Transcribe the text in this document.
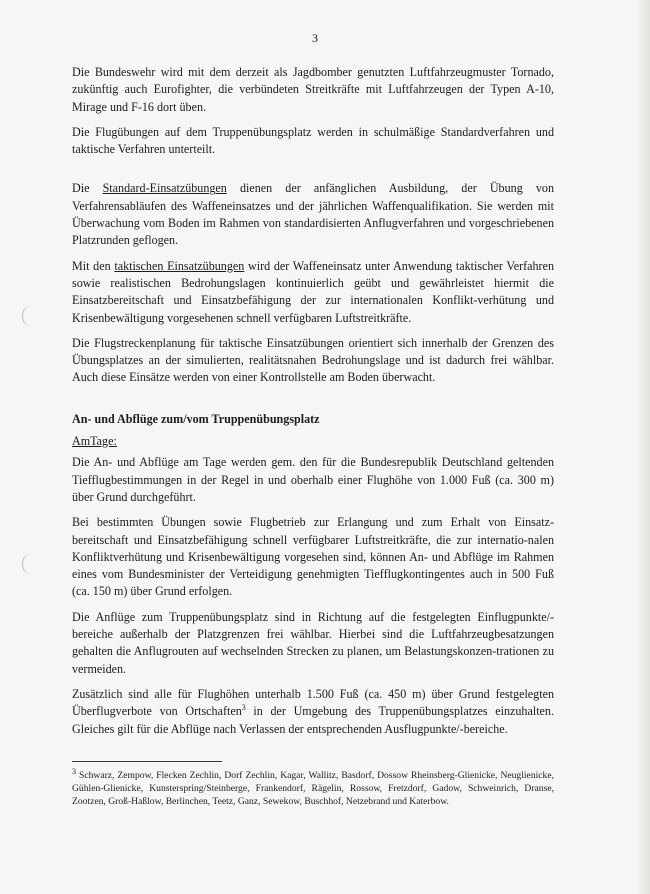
3

Die Bundeswehr wird mit dem derzeit als Jagdbomber genutzten Luftfahrzeugmuster Tornado, zukünftig auch Eurofighter, die verbündeten Streitkräfte mit Luftfahrzeugen der Typen A-10, Mirage und F-16 dort üben.

Die Flugübungen auf dem Truppenübungsplatz werden in schulmäßige Standardverfahren und taktische Verfahren unterteilt.

Die Standard-Einsatzübungen dienen der anfänglichen Ausbildung, der Übung von Verfahrensabläufen des Waffeneinsatzes und der jährlichen Waffenqualifikation. Sie werden mit Überwachung vom Boden im Rahmen von standardisierten Anflugverfahren und vorgeschriebenen Platzrunden geflogen.

Mit den taktischen Einsatzübungen wird der Waffeneinsatz unter Anwendung taktischer Verfahren sowie realistischen Bedrohungslagen kontinuierlich geübt und gewährleistet hiermit die Einsatzbereitschaft und Einsatzbefähigung der zur internationalen Konflikt-verhütung und Krisenbewältigung vorgesehenen schnell verfügbaren Luftstreitkräfte.

Die Flugstreckenplanung für taktische Einsatzübungen orientiert sich innerhalb der Grenzen des Übungsplatzes an der simulierten, realitätsnahen Bedrohungslage und ist dadurch frei wählbar. Auch diese Einsätze werden von einer Kontrollstelle am Boden überwacht.

An- und Abflüge zum/vom Truppenübungsplatz
AmTage:

Die An- und Abflüge am Tage werden gem. den für die Bundesrepublik Deutschland geltenden Tiefflugbestimmungen in der Regel in und oberhalb einer Flughöhe von 1.000 Fuß (ca. 300 m) über Grund durchgeführt.

Bei bestimmten Übungen sowie Flugbetrieb zur Erlangung und zum Erhalt von Einsatz-bereitschaft und Einsatzbefähigung schnell verfügbarer Luftstreitkräfte, die zur internatio-nalen Konfliktverhütung und Krisenbewältigung vorgesehen sind, können An- und Abflüge im Rahmen eines vom Bundesminister der Verteidigung genehmigten Tiefflugkontingentes auch in 500 Fuß (ca. 150 m) über Grund erfolgen.

Die Anflüge zum Truppenübungsplatz sind in Richtung auf die festgelegten Einflugpunkte/-bereiche außerhalb der Platzgrenzen frei wählbar. Hierbei sind die Luftfahrzeugbesatzungen gehalten die Anflugrouten auf wechselnden Strecken zu planen, um Belastungskonzen-trationen zu vermeiden.

Zusätzlich sind alle für Flughöhen unterhalb 1.500 Fuß (ca. 450 m) über Grund festgelegten Überflugverbote von Ortschaften$^3$ in der Umgebung des Truppenübungsplatzes einzuhalten. Gleiches gilt für die Abflüge nach Verlassen der entsprechenden Ausflugpunkte/-bereiche.

$^3$ Schwarz, Zempow, Flecken Zechlin, Dorf Zechlin, Kagar, Wallitz, Basdorf, Dossow Rheinsberg-Glienicke, Neuglienicke, Gühlen-Glienicke, Kunsterspring/Steinberge, Frankendorf, Rägelin, Rossow, Fretzdorf, Gadow, Schweinrich, Dranse, Zootzen, Groß-Haßlow, Berlinchen, Teetz, Ganz, Sewekow, Buschhof, Netzebrand und Katerbow.
